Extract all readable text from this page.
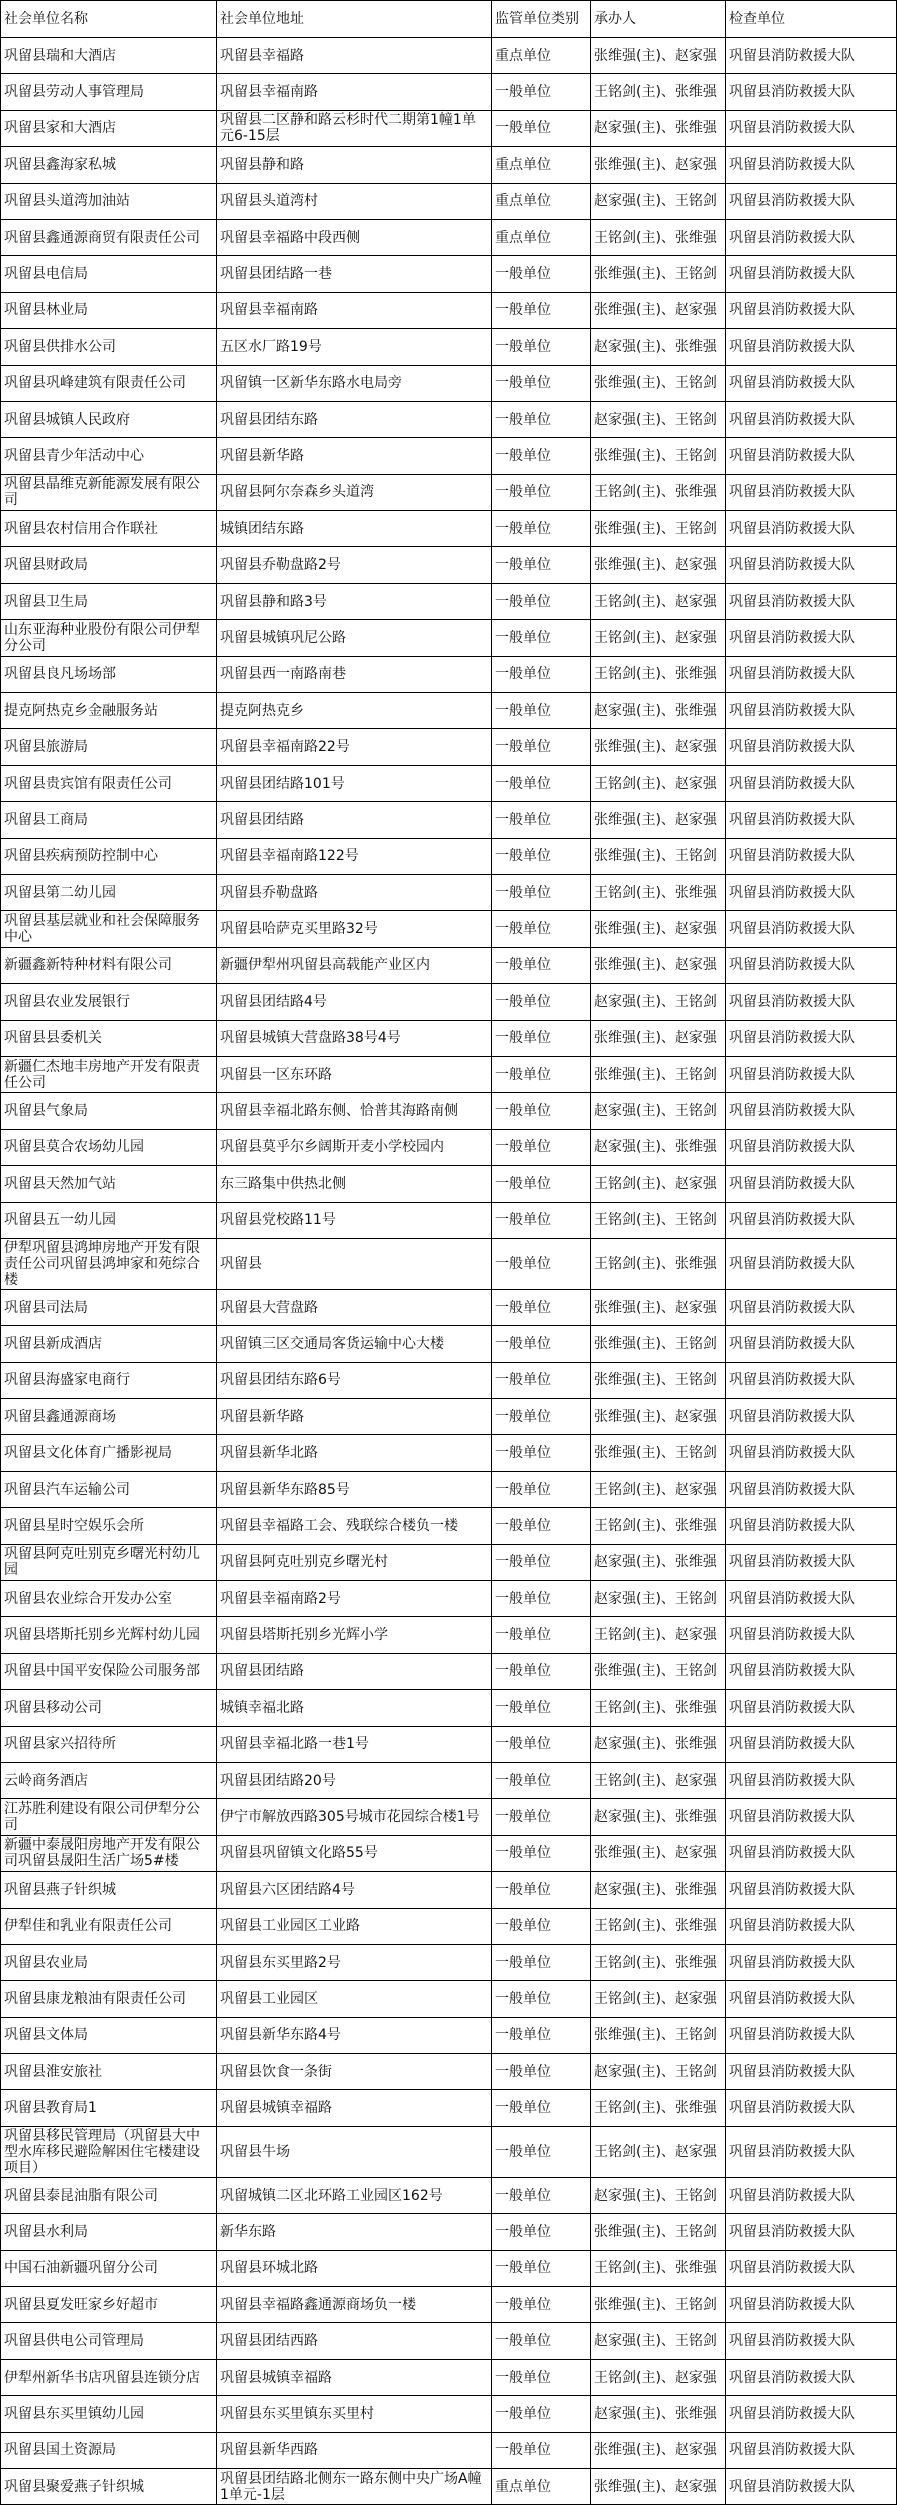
社会单位名称	社会单位地址	监管单位类别	承办人	检查单位
巩留县瑞和大酒店	巩留县幸福路	重点单位	张维强(主)、赵家强	巩留县消防救援大队
巩留县劳动人事管理局	巩留县幸福南路	一般单位	王铭剑(主)、张维强	巩留县消防救援大队
巩留县家和大酒店	巩留县二区静和路云杉时代二期第1幢1单元6-15层	一般单位	赵家强(主)、张维强	巩留县消防救援大队
巩留县鑫海家私城	巩留县静和路	重点单位	张维强(主)、赵家强	巩留县消防救援大队
巩留县头道湾加油站	巩留县头道湾村	重点单位	赵家强(主)、王铭剑	巩留县消防救援大队
巩留县鑫通源商贸有限责任公司	巩留县幸福路中段西侧	重点单位	王铭剑(主)、张维强	巩留县消防救援大队
巩留县电信局	巩留县团结路一巷	一般单位	张维强(主)、王铭剑	巩留县消防救援大队
巩留县林业局	巩留县幸福南路	一般单位	张维强(主)、赵家强	巩留县消防救援大队
巩留县供排水公司	五区水厂路19号	一般单位	赵家强(主)、张维强	巩留县消防救援大队
巩留县巩峰建筑有限责任公司	巩留镇一区新华东路水电局旁	一般单位	张维强(主)、王铭剑	巩留县消防救援大队
巩留县城镇人民政府	巩留县团结东路	一般单位	赵家强(主)、王铭剑	巩留县消防救援大队
巩留县青少年活动中心	巩留县新华路	一般单位	张维强(主)、王铭剑	巩留县消防救援大队
巩留县晶维克新能源发展有限公司	巩留县阿尔奈森乡头道湾	一般单位	王铭剑(主)、张维强	巩留县消防救援大队
巩留县农村信用合作联社	城镇团结东路	一般单位	张维强(主)、王铭剑	巩留县消防救援大队
巩留县财政局	巩留县乔勒盘路2号	一般单位	张维强(主)、赵家强	巩留县消防救援大队
巩留县卫生局	巩留县静和路3号	一般单位	王铭剑(主)、赵家强	巩留县消防救援大队
山东亚海种业股份有限公司伊犁分公司	巩留县城镇巩尼公路	一般单位	王铭剑(主)、赵家强	巩留县消防救援大队
巩留县良凡场场部	巩留县西一南路南巷	一般单位	王铭剑(主)、张维强	巩留县消防救援大队
提克阿热克乡金融服务站	提克阿热克乡	一般单位	赵家强(主)、张维强	巩留县消防救援大队
巩留县旅游局	巩留县幸福南路22号	一般单位	张维强(主)、赵家强	巩留县消防救援大队
巩留县贵宾馆有限责任公司	巩留县团结路101号	一般单位	王铭剑(主)、赵家强	巩留县消防救援大队
巩留县工商局	巩留县团结路	一般单位	张维强(主)、赵家强	巩留县消防救援大队
巩留县疾病预防控制中心	巩留县幸福南路122号	一般单位	张维强(主)、王铭剑	巩留县消防救援大队
巩留县第二幼儿园	巩留县乔勒盘路	一般单位	王铭剑(主)、张维强	巩留县消防救援大队
巩留县基层就业和社会保障服务中心	巩留县哈萨克买里路32号	一般单位	张维强(主)、赵家强	巩留县消防救援大队
新疆鑫新特种材料有限公司	新疆伊犁州巩留县高载能产业区内	一般单位	张维强(主)、赵家强	巩留县消防救援大队
巩留县农业发展银行	巩留县团结路4号	一般单位	赵家强(主)、王铭剑	巩留县消防救援大队
巩留县县委机关	巩留县城镇大营盘路38号4号	一般单位	张维强(主)、赵家强	巩留县消防救援大队
新疆仁杰地丰房地产开发有限责任公司	巩留县一区东环路	一般单位	张维强(主)、王铭剑	巩留县消防救援大队
巩留县气象局	巩留县幸福北路东侧、恰普其海路南侧	一般单位	赵家强(主)、王铭剑	巩留县消防救援大队
巩留县莫合农场幼儿园	巩留县莫乎尔乡阔斯开麦小学校园内	一般单位	赵家强(主)、张维强	巩留县消防救援大队
巩留县天然加气站	东三路集中供热北侧	一般单位	王铭剑(主)、赵家强	巩留县消防救援大队
巩留县五一幼儿园	巩留县党校路11号	一般单位	王铭剑(主)、王铭剑	巩留县消防救援大队
伊犁巩留县鸿坤房地产开发有限责任公司巩留县鸿坤家和苑综合楼	巩留县	一般单位	王铭剑(主)、张维强	巩留县消防救援大队
巩留县司法局	巩留县大营盘路	一般单位	张维强(主)、赵家强	巩留县消防救援大队
巩留县新成酒店	巩留镇三区交通局客货运输中心大楼	一般单位	张维强(主)、王铭剑	巩留县消防救援大队
巩留县海盛家电商行	巩留县团结东路6号	一般单位	张维强(主)、王铭剑	巩留县消防救援大队
巩留县鑫通源商场	巩留县新华路	一般单位	张维强(主)、赵家强	巩留县消防救援大队
巩留县文化体育广播影视局	巩留县新华北路	一般单位	张维强(主)、王铭剑	巩留县消防救援大队
巩留县汽车运输公司	巩留县新华东路85号	一般单位	王铭剑(主)、赵家强	巩留县消防救援大队
巩留县星时空娱乐会所	巩留县幸福路工会、残联综合楼负一楼	一般单位	王铭剑(主)、张维强	巩留县消防救援大队
巩留县阿克吐别克乡曙光村幼儿园	巩留县阿克吐别克乡曙光村	一般单位	赵家强(主)、张维强	巩留县消防救援大队
巩留县农业综合开发办公室	巩留县幸福南路2号	一般单位	赵家强(主)、王铭剑	巩留县消防救援大队
巩留县塔斯托别乡光辉村幼儿园	巩留县塔斯托别乡光辉小学	一般单位	王铭剑(主)、赵家强	巩留县消防救援大队
巩留县中国平安保险公司服务部	巩留县团结路	一般单位	张维强(主)、王铭剑	巩留县消防救援大队
巩留县移动公司	城镇幸福北路	一般单位	王铭剑(主)、张维强	巩留县消防救援大队
巩留县家兴招待所	巩留县幸福北路一巷1号	一般单位	赵家强(主)、张维强	巩留县消防救援大队
云岭商务酒店	巩留县团结路20号	一般单位	王铭剑(主)、赵家强	巩留县消防救援大队
江苏胜利建设有限公司伊犁分公司	伊宁市解放西路305号城市花园综合楼1号	一般单位	赵家强(主)、张维强	巩留县消防救援大队
新疆中泰晟阳房地产开发有限公司巩留县晟阳生活广场5#楼	巩留县巩留镇文化路55号	一般单位	张维强(主)、赵家强	巩留县消防救援大队
巩留县燕子针织城	巩留县六区团结路4号	一般单位	赵家强(主)、张维强	巩留县消防救援大队
伊犁佳和乳业有限责任公司	巩留县工业园区工业路	一般单位	王铭剑(主)、张维强	巩留县消防救援大队
巩留县农业局	巩留县东买里路2号	一般单位	王铭剑(主)、张维强	巩留县消防救援大队
巩留县康龙粮油有限责任公司	巩留县工业园区	一般单位	王铭剑(主)、赵家强	巩留县消防救援大队
巩留县文体局	巩留县新华东路4号	一般单位	张维强(主)、王铭剑	巩留县消防救援大队
巩留县淮安旅社	巩留县饮食一条街	一般单位	赵家强(主)、王铭剑	巩留县消防救援大队
巩留县教育局1	巩留县城镇幸福路	一般单位	王铭剑(主)、张维强	巩留县消防救援大队
巩留县移民管理局（巩留县大中型水库移民避险解困住宅楼建设项目）	巩留县牛场	一般单位	王铭剑(主)、赵家强	巩留县消防救援大队
巩留县泰昆油脂有限公司	巩留城镇二区北环路工业园区162号	一般单位	赵家强(主)、王铭剑	巩留县消防救援大队
巩留县水利局	新华东路	一般单位	张维强(主)、王铭剑	巩留县消防救援大队
中国石油新疆巩留分公司	巩留县环城北路	一般单位	王铭剑(主)、张维强	巩留县消防救援大队
巩留县夏发旺家乡好超市	巩留县幸福路鑫通源商场负一楼	一般单位	张维强(主)、王铭剑	巩留县消防救援大队
巩留县供电公司管理局	巩留县团结西路	一般单位	赵家强(主)、王铭剑	巩留县消防救援大队
伊犁州新华书店巩留县连锁分店	巩留县城镇幸福路	一般单位	王铭剑(主)、赵家强	巩留县消防救援大队
巩留县东买里镇幼儿园	巩留县东买里镇东买里村	一般单位	赵家强(主)、张维强	巩留县消防救援大队
巩留县国土资源局	巩留县新华西路	一般单位	张维强(主)、赵家强	巩留县消防救援大队
巩留县聚爱燕子针织城	巩留县团结路北侧东一路东侧中央广场A幢1单元-1层	重点单位	张维强(主)、赵家强	巩留县消防救援大队
